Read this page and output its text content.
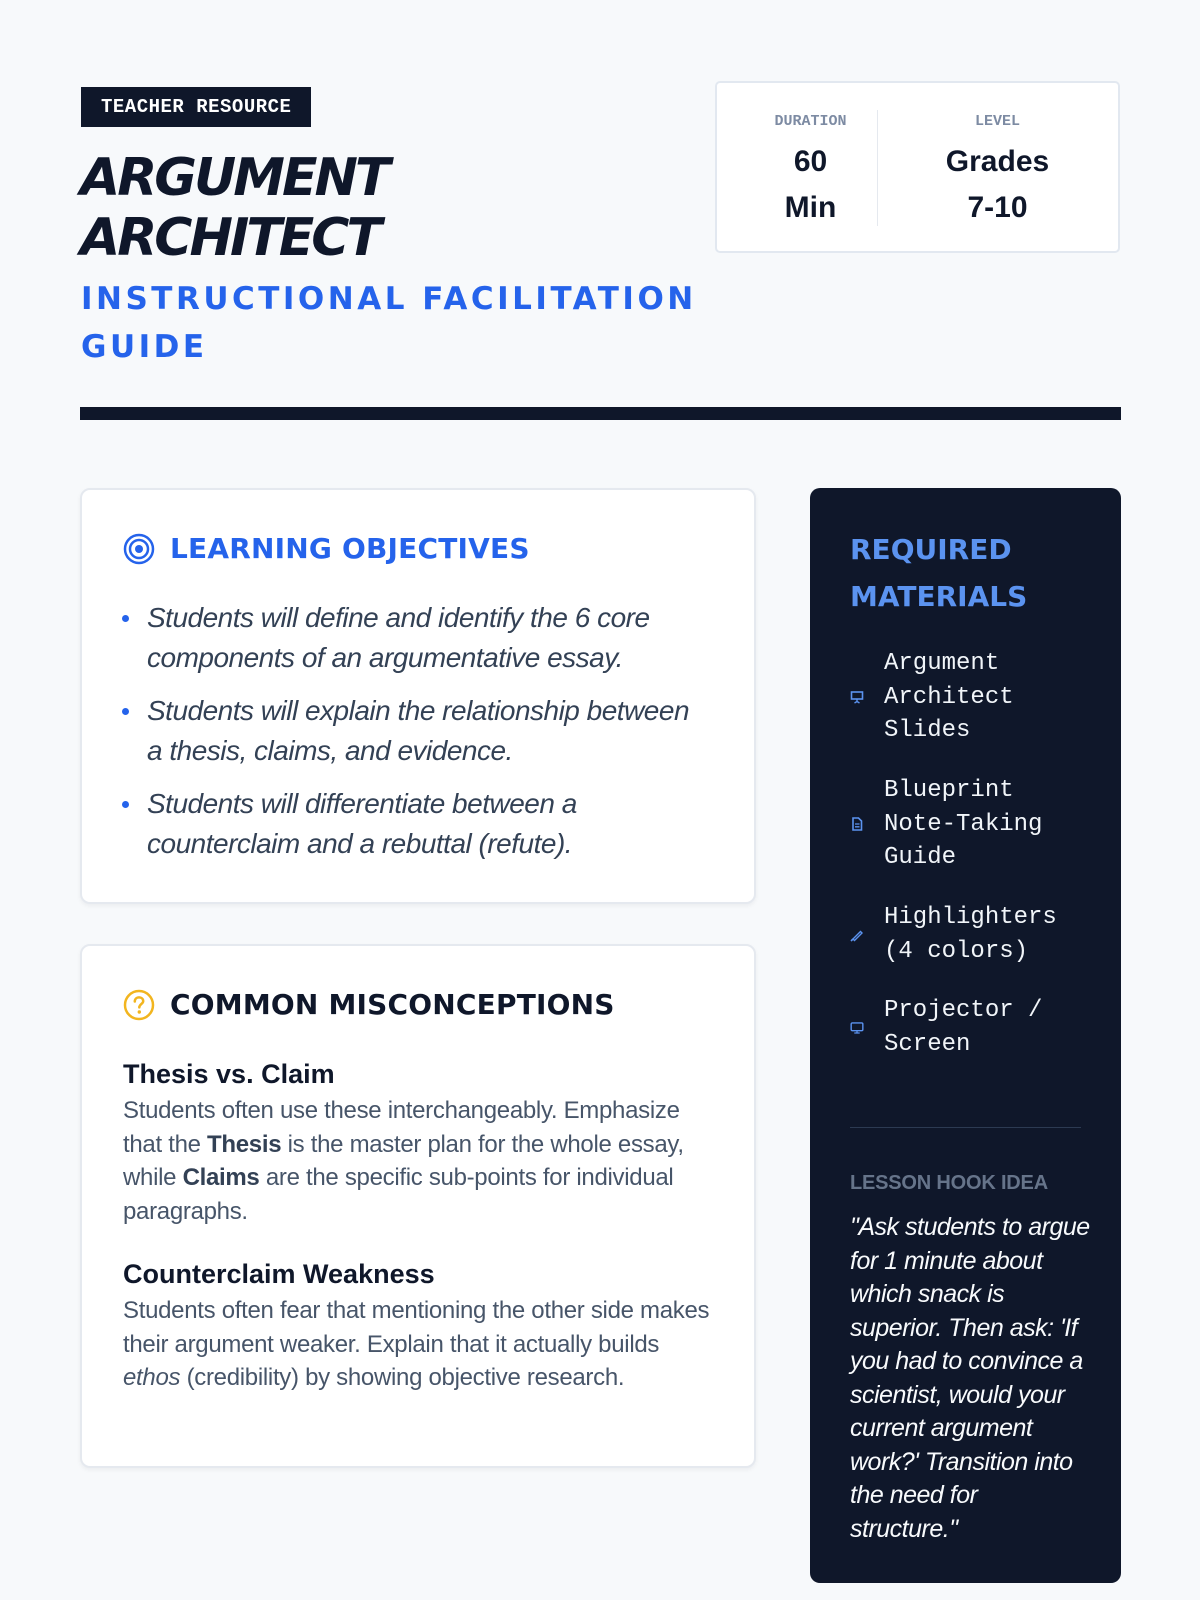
TEACHER RESOURCE
ARGUMENT
ARCHITECT
INSTRUCTIONAL FACILITATION GUIDE
DURATION
60
Min
LEVEL
Grades
7-10
LEARNING OBJECTIVES
Students will define and identify the 6 core components of an argumentative essay.
Students will explain the relationship between a thesis, claims, and evidence.
Students will differentiate between a counterclaim and a rebuttal (refute).
COMMON MISCONCEPTIONS
Thesis vs. Claim

Students often use these interchangeably. Emphasize that the Thesis is the master plan for the whole essay, while Claims are the specific sub-points for individual paragraphs.

Counterclaim Weakness

Students often fear that mentioning the other side makes their argument weaker. Explain that it actually builds ethos (credibility) by showing objective research.

REQUIRED MATERIALS
Argument
Architect
Slides
Blueprint
Note-Taking
Guide
Highlighters
(4 colors)
Projector /
Screen
LESSON HOOK IDEA

"Ask students to argue for 1 minute about which snack is superior. Then ask: 'If you had to convince a scientist, would your current argument work?' Transition into the need for structure."
